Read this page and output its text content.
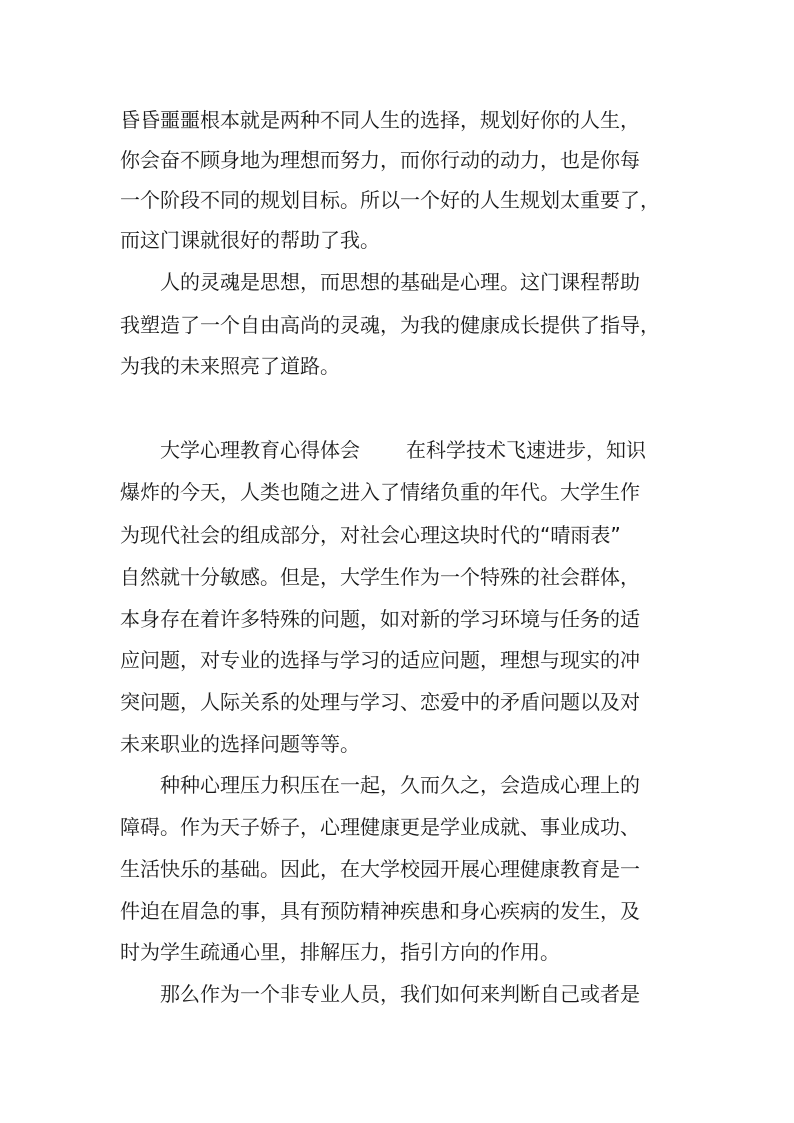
昏昏噩噩根本就是两种不同人生的选择，规划好你的人生，
你会奋不顾身地为理想而努力，而你行动的动力，也是你每
一个阶段不同的规划目标。所以一个好的人生规划太重要了，
而这门课就很好的帮助了我。
人的灵魂是思想，而思想的基础是心理。这门课程帮助
我塑造了一个自由高尚的灵魂，为我的健康成长提供了指导，
为我的未来照亮了道路。
大学心理教育心得体会 在科学技术飞速进步，知识
爆炸的今天，人类也随之进入了情绪负重的年代。大学生作
为现代社会的组成部分，对社会心理这块时代的“晴雨表”
自然就十分敏感。但是，大学生作为一个特殊的社会群体，
本身存在着许多特殊的问题，如对新的学习环境与任务的适
应问题，对专业的选择与学习的适应问题，理想与现实的冲
突问题，人际关系的处理与学习、恋爱中的矛盾问题以及对
未来职业的选择问题等等。
种种心理压力积压在一起，久而久之，会造成心理上的
障碍。作为天子娇子，心理健康更是学业成就、事业成功、
生活快乐的基础。因此，在大学校园开展心理健康教育是一
件迫在眉急的事，具有预防精神疾患和身心疾病的发生，及
时为学生疏通心里，排解压力，指引方向的作用。
那么作为一个非专业人员，我们如何来判断自己或者是
